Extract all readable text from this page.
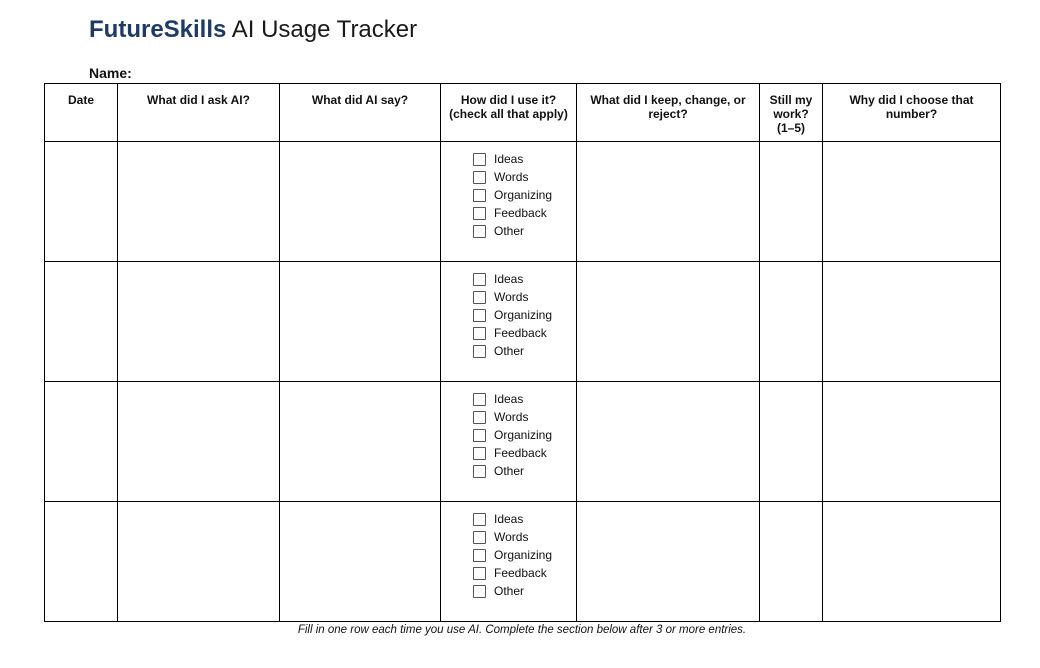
FutureSkills AI Usage Tracker
Name:
Date	What did I ask AI?	What did AI say?	How did I use it? (check all that apply)	What did I keep, change, or reject?	Still my work? (1–5)	Why did I choose that number?

			Ideas
Words
Organizing
Feedback
Other			

			Ideas
Words
Organizing
Feedback
Other			

			Ideas
Words
Organizing
Feedback
Other			

			Ideas
Words
Organizing
Feedback
Other			

Fill in one row each time you use AI. Complete the section below after 3 or more entries.
